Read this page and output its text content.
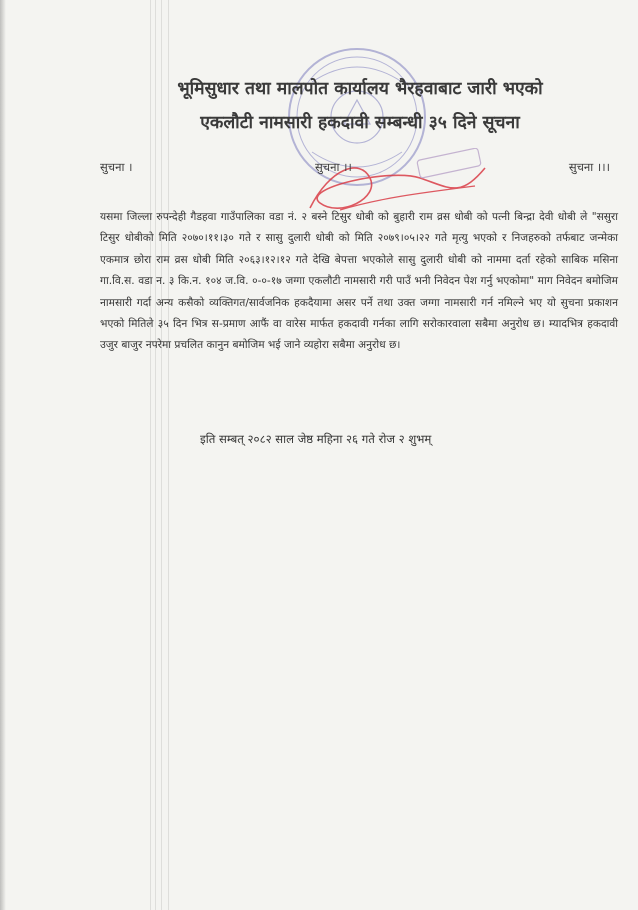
भूमिसुधार तथा मालपोत कार्यालय भैरहवाबाट जारी भएको
एकलौटी नामसारी हकदावी सम्बन्धी ३५ दिने सूचना
सुचना ।	सुचना ।।	सुचना ।।।

यसमा जिल्ला रुपन्देही गैडहवा गाउँपालिका वडा नं. २ बस्ने टिसुर धोबी को बुहारी राम व्रस धोबी को पत्नी बिन्द्रा देवी धोबी ले "ससुरा टिसुर धोबीको मिति २०७०।११।३० गते र सासु दुलारी धोबी को मिति २०७९।०५।२२ गते मृत्यु भएको र निजहरुको तर्फबाट जन्मेका एकमात्र छोरा राम व्रस धोबी मिति २०६३।१२।१२ गते देखि बेपत्ता भएकोले सासु दुलारी धोबी को नाममा दर्ता रहेको साबिक मसिना गा.वि.स. वडा न. ३ कि.न. १०४ ज.वि. ०-०-१७ जग्गा एकलौटी नामसारी गरी पाउँ भनी निवेदन पेश गर्नु भएकोमा" माग निवेदन बमोजिम नामसारी गर्दा अन्य कसैको व्यक्तिगत/सार्वजनिक हकदैयामा असर पर्ने तथा उक्त जग्गा नामसारी गर्न नमिल्ने भए यो सुचना प्रकाशन भएको मितिले ३५ दिन भित्र स-प्रमाण आफैं वा वारेस मार्फत हकदावी गर्नका लागि सरोकारवाला सबैमा अनुरोध छ। म्यादभित्र हकदावी उजुर बाजुर नपरेमा प्रचलित कानुन बमोजिम भई जाने व्यहोरा सबैमा अनुरोध छ।

इति सम्बत् २०८२ साल जेष्ठ महिना २६ गते रोज २ शुभम्
